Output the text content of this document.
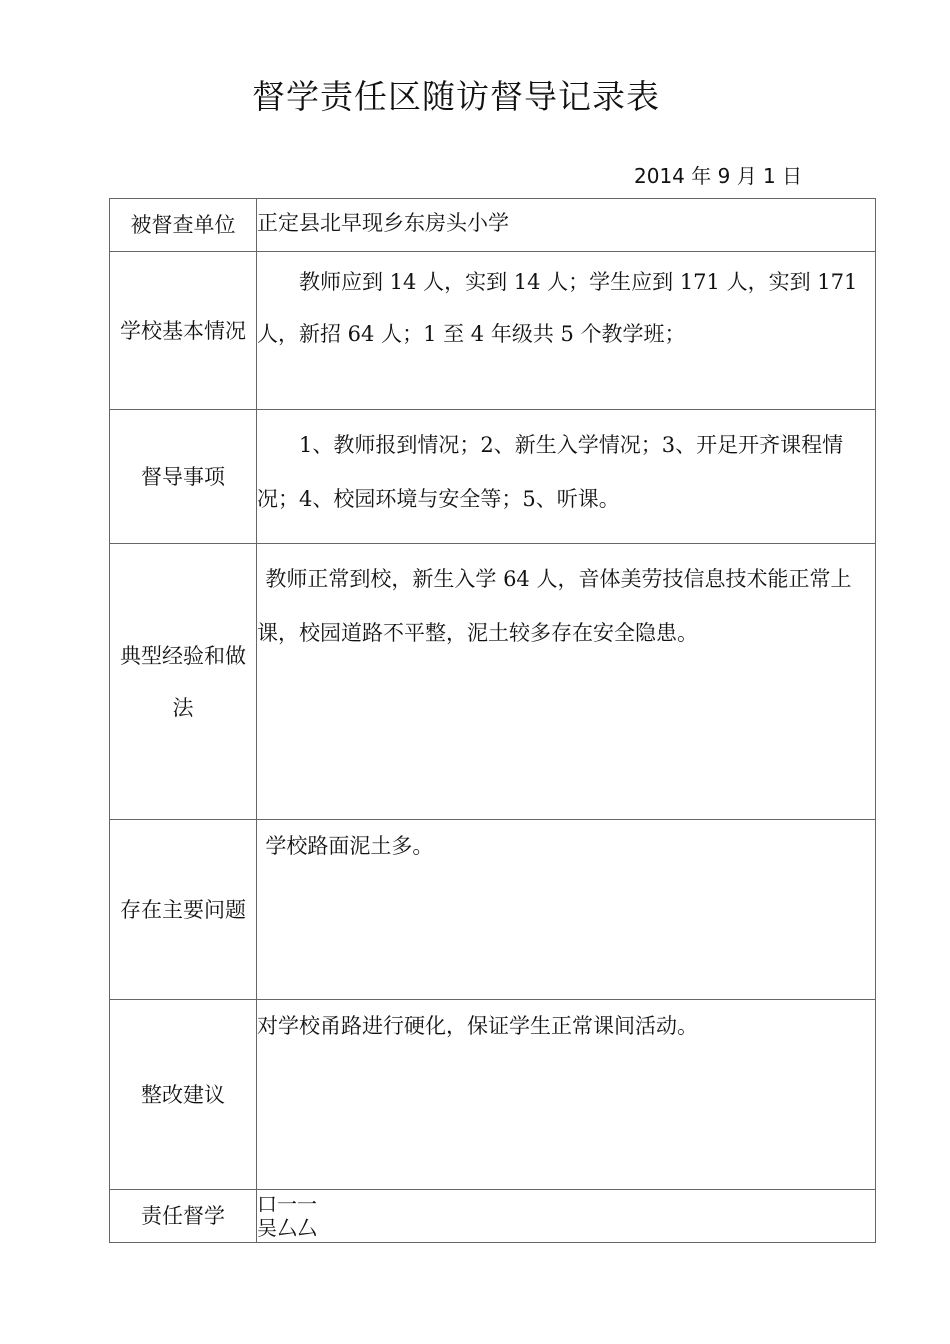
督学责任区随访督导记录表
2014 年 9 月 1 日
被督查单位	正定县北早现乡东房头小学
学校基本情况	教师应到 14 人，实到 14 人；学生应到 171 人，实到 171 人，新招 64 人；1 至 4 年级共 5 个教学班；

督导事项	1、教师报到情况；2、新生入学情况；3、开足开齐课程情况；4、校园环境与安全等；5、听课。

典型经验和做法	教师正常到校，新生入学 64 人，音体美劳技信息技术能正常上课，校园道路不平整，泥土较多存在安全隐患。

存在主要问题	学校路面泥土多。

整改建议	对学校甬路进行硬化，保证学生正常课间活动。

责任督学	口一一
吴厶厶
